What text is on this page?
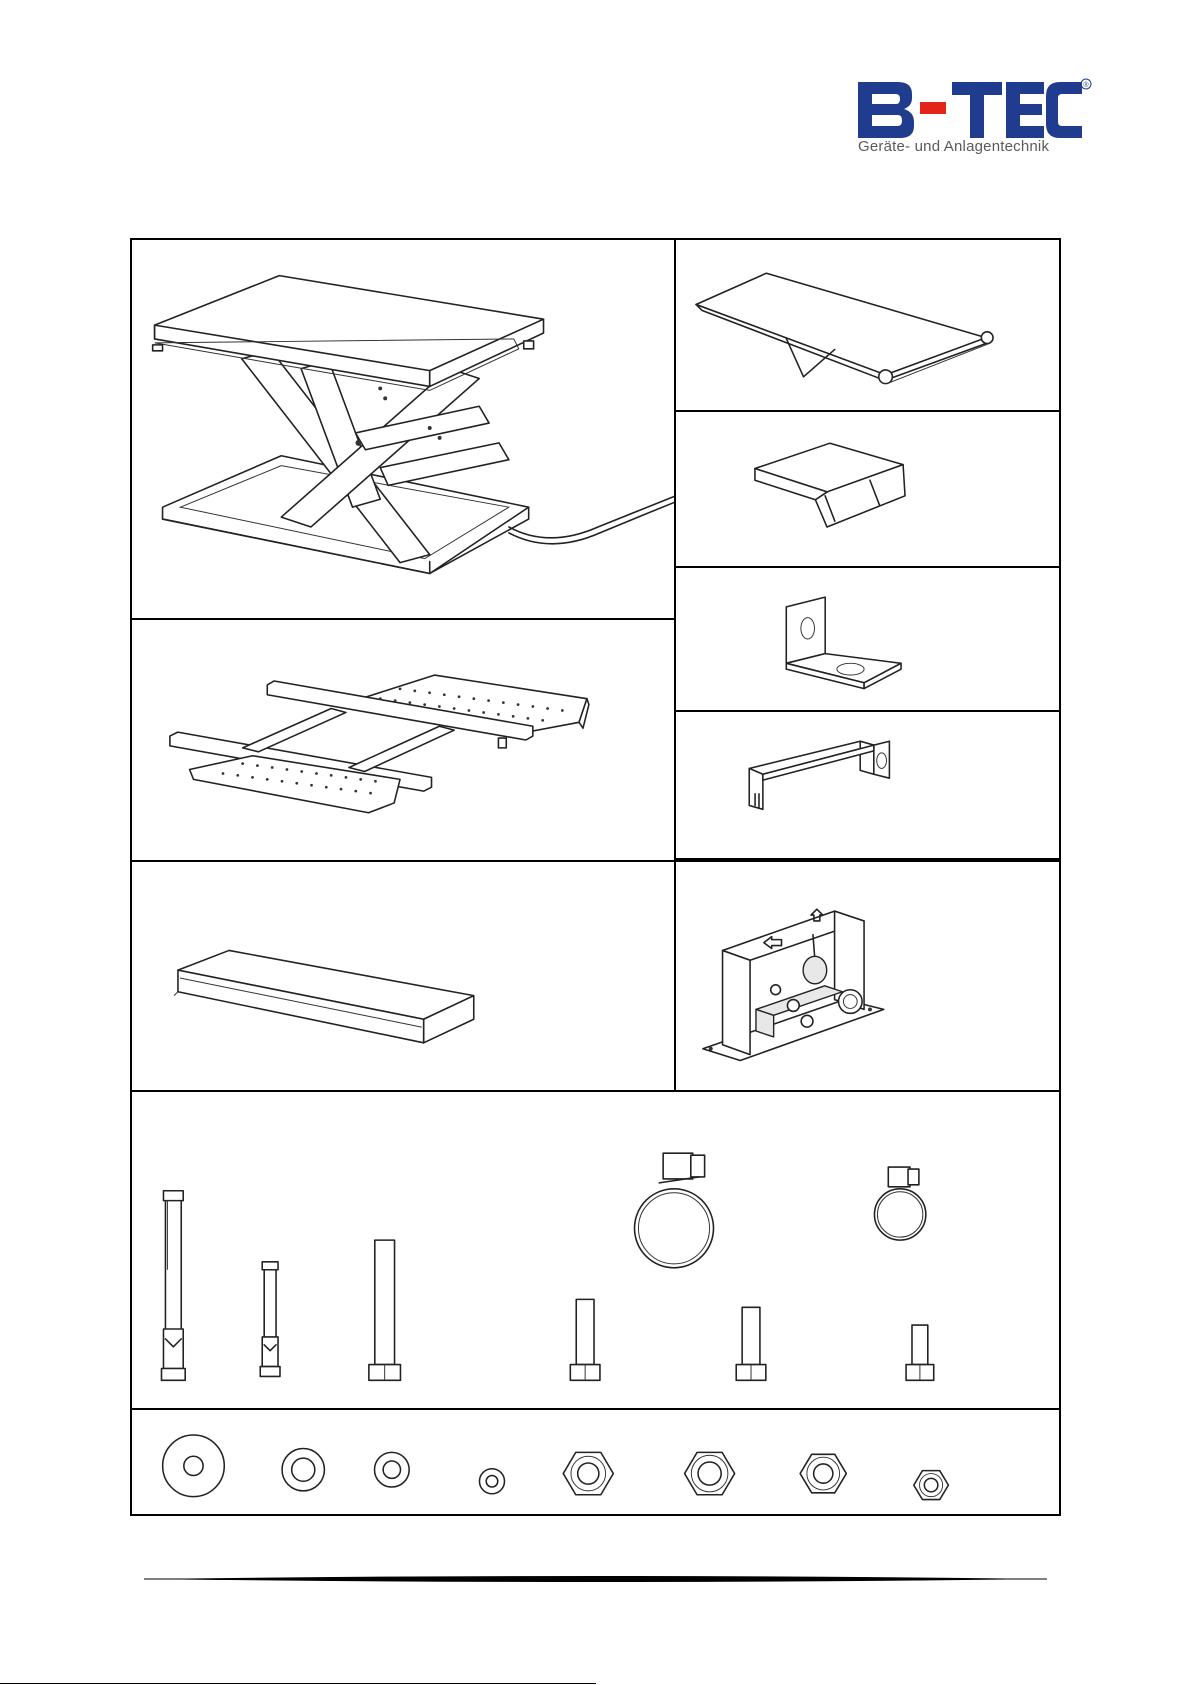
®
Geräte- und Anlagentechnik
